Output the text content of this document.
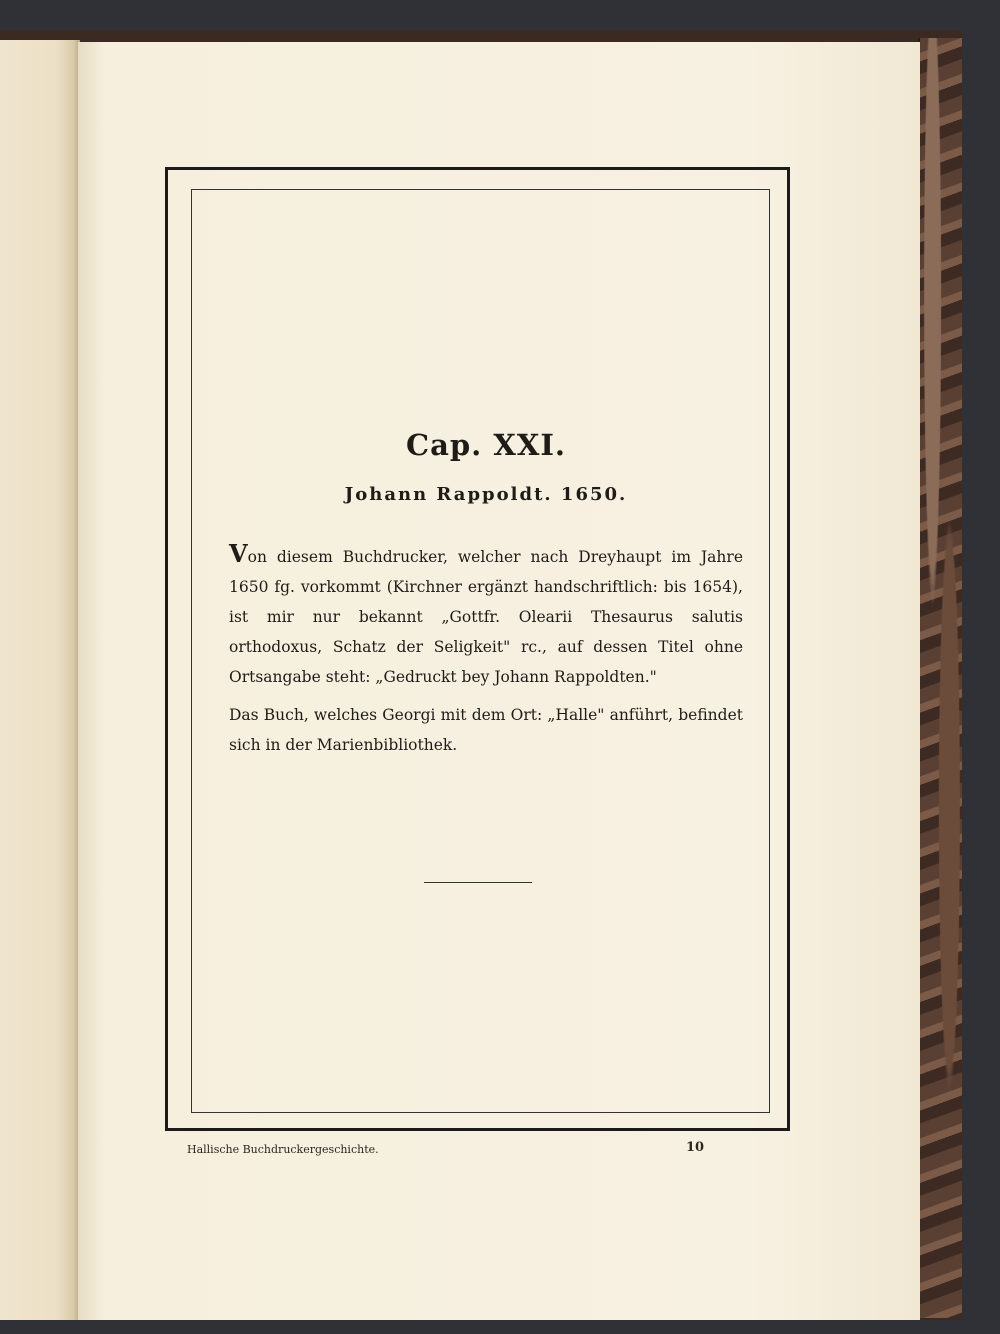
Cap. XXI.
Johann Rappoldt. 1650.

Von diesem Buchdrucker, welcher nach Dreyhaupt im Jahre 1650 fg. vorkommt (Kirchner ergänzt handschriftlich: bis 1654), ist mir nur bekannt „Gottfr. Olearii Thesaurus salutis orthodoxus, Schatz der Seligkeit" rc., auf dessen Titel ohne Ortsangabe steht: „Gedruckt bey Johann Rappoldten."

Das Buch, welches Georgi mit dem Ort: „Halle" anführt, befindet sich in der Marienbibliothek.

Hallische Buchdruckergeschichte.	10
